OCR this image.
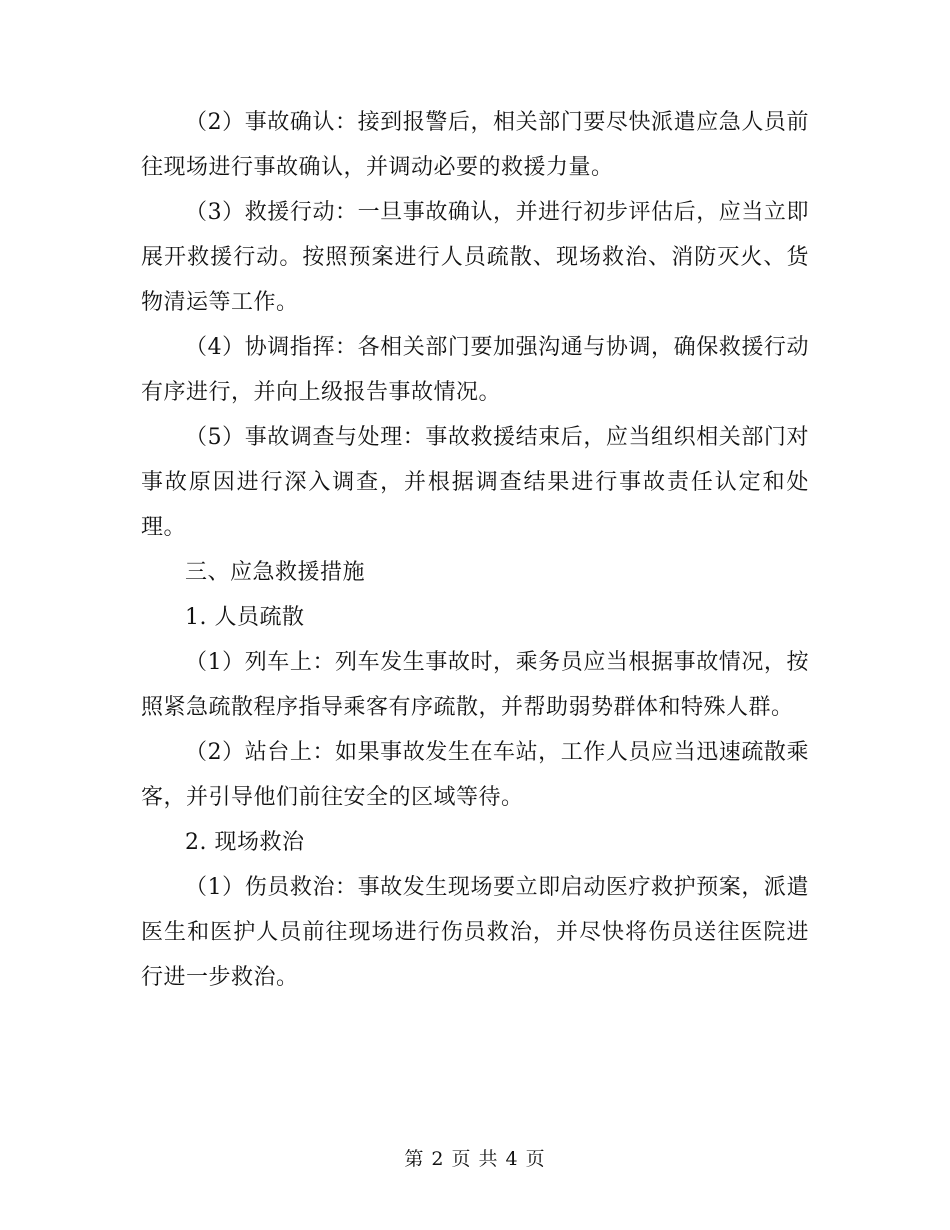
（2）事故确认：接到报警后，相关部门要尽快派遣应急人员前往现场进行事故确认，并调动必要的救援力量。

（3）救援行动：一旦事故确认，并进行初步评估后，应当立即展开救援行动。按照预案进行人员疏散、现场救治、消防灭火、货物清运等工作。

（4）协调指挥：各相关部门要加强沟通与协调，确保救援行动有序进行，并向上级报告事故情况。

（5）事故调查与处理：事故救援结束后，应当组织相关部门对事故原因进行深入调查，并根据调查结果进行事故责任认定和处理。

三、应急救援措施

1. 人员疏散

（1）列车上：列车发生事故时，乘务员应当根据事故情况，按照紧急疏散程序指导乘客有序疏散，并帮助弱势群体和特殊人群。

（2）站台上：如果事故发生在车站，工作人员应当迅速疏散乘客，并引导他们前往安全的区域等待。

2. 现场救治

（1）伤员救治：事故发生现场要立即启动医疗救护预案，派遣医生和医护人员前往现场进行伤员救治，并尽快将伤员送往医院进行进一步救治。

第 2 页 共 4 页
